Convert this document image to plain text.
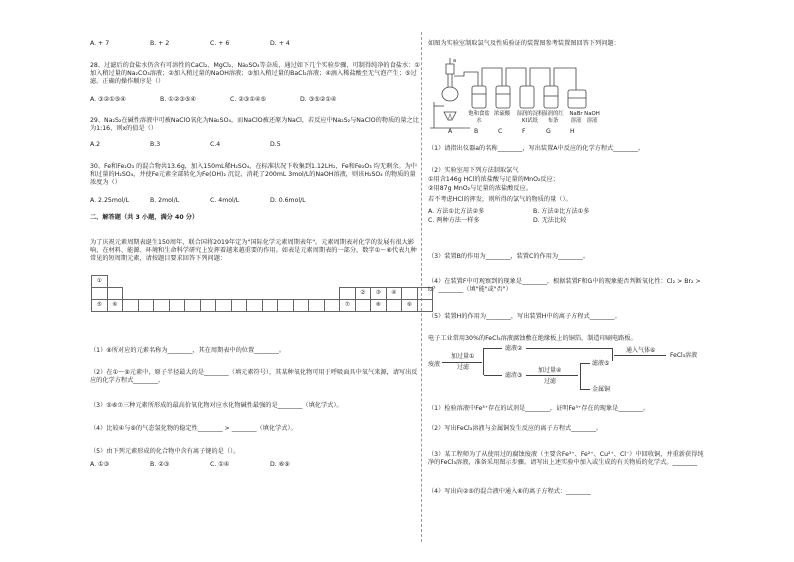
A. + 7	B. + 2	C. + 6	D. + 4
28、过滤后的食盐水仍含有可溶性的CaCl₂、MgCl₂、Na₂SO₄等杂质，通过如下几个实验步骤，可制得纯净的食盐水：①加入稍过量的Na₂CO₃溶液；②加入稍过量的NaOH溶液；③加入稍过量的BaCl₂溶液；④滴入稀盐酸至无气泡产生；⑤过滤。正确的操作顺序是（）
A. ③②①⑤④	B. ①②③⑤④	C. ②③①④⑤	D. ③⑤②①④
29、Na₂S₂在碱性溶液中可被NaClO氧化为Na₂SO₄，而NaClO被还原为NaCl，若反应中Na₂S₂与NaClO的物质的量之比为1:16，则x的值是（）
A.2	B.3	C.4	D.5
30、Fe和Fe₂O₃ 的混合物共13.6g，加入150mL稀H₂SO₄，在标准状况下收集到1.12LH₂，Fe和Fe₂O₃ 均无剩余。为中和过量的H₂SO₄，并使Fe元素全部转化为Fe(OH)₂ 沉淀，消耗了200mL 3mol/L的NaOH溶液，则该H₂SO₄ 的物质的量浓度为（）
A. 2.25mol/L	B. 2mol/L	C. 4mol/L	D. 0.6mol/L
二、解答题（共 3 小题，满分 40 分）
为了庆祝元素周期表诞生150周年，联合国将2019年定为"国际化学元素周期表年"。元素周期表对化学的发展有很大影响，在材料、能源、环境和生命科学研究上发挥着越来越重要的作用。如表是元素周期表的一部分，数字①～⑥代表九种常见的短周期元素，请按题目要求回答下列问题：
①																					
																	②	③	④		
⑤	⑥															⑦		⑧		⑨	
（1）⑧所对应的元素名称为________，其在周期表中的位置________。
（2）在①～⑨元素中，原子半径最大的是________（填元素符号），其某种氧化物可用于呼吸面具中氧气来源，请写出反应的化学方程式________。
（3）⑤⑥⑦三种元素所形成的最高价氧化物对应水化物碱性最强的是________（填化学式）。
（4）比较④与⑨的气态氢化物的稳定性________ > ________（填化学式）。
（5）由下列元素形成的化合物中含有离子键的是（）。
A. ①③	B. ②③	C. ①④	D. ⑥⑨
如图为实验室制取氯气及性质验证的装置图参考装置图回答下列问题：
a
饱和食盐水
浓硫酸 湿润的淀粉KI试纸
湿润的红布条
NaBr溶液
NaOH溶液
A	B	C	F	G	H
（1）请指出仪器a的名称________，写出装置A中反应的化学方程式________。
（2）实验室用下列方法制取氯气
①用含146g HCl的浓盐酸与足量的MnO₂反应；
②用87g MnO₂与足量的浓盐酸反应。
若不考虑HCl的挥发，则所得的氯气的物质的量（）。
A. 方法①比方法②多	B. 方法②比方法①多
C. 两种方法一样多	D. 无法比较
（3）装置B的作用为________，装置C的作用为________。
（4）在装置F中可观察到的现象是________，根据装置F和G中的现象能否判断氧化性：Cl₂ > Br₂ > I₂？________（填"能"或"否"）
（5）装置H的作用为________，写出装置H中的离子方程式________。
电子工业常用30%的FeCl₃溶液腐蚀敷在绝缘板上的铜箔，制造印刷电路板。
废液
加过量①
过滤
滤液②
滤渣③
加过量④
过滤
滤液⑤
金属铜
通入气体⑥
FeCl₃溶液
（1）检验溶液中Fe³⁺存在的试剂是________，证明Fe³⁺存在的现象是________。
（2）写出FeCl₃溶液与金属铜发生反应的离子方程式________。
（3）某工程师为了从使用过的腐蚀废液（主要含Fe³⁺、Fe²⁺、Cu²⁺、Cl⁻）中回收铜，并重新获得纯净的FeCl₃溶液，准备采用图示步骤。请写出上述实验中加入或生成的有关物质的化学式。________
（4）写出向②⑤的混合液中通入⑥的离子方程式：________
